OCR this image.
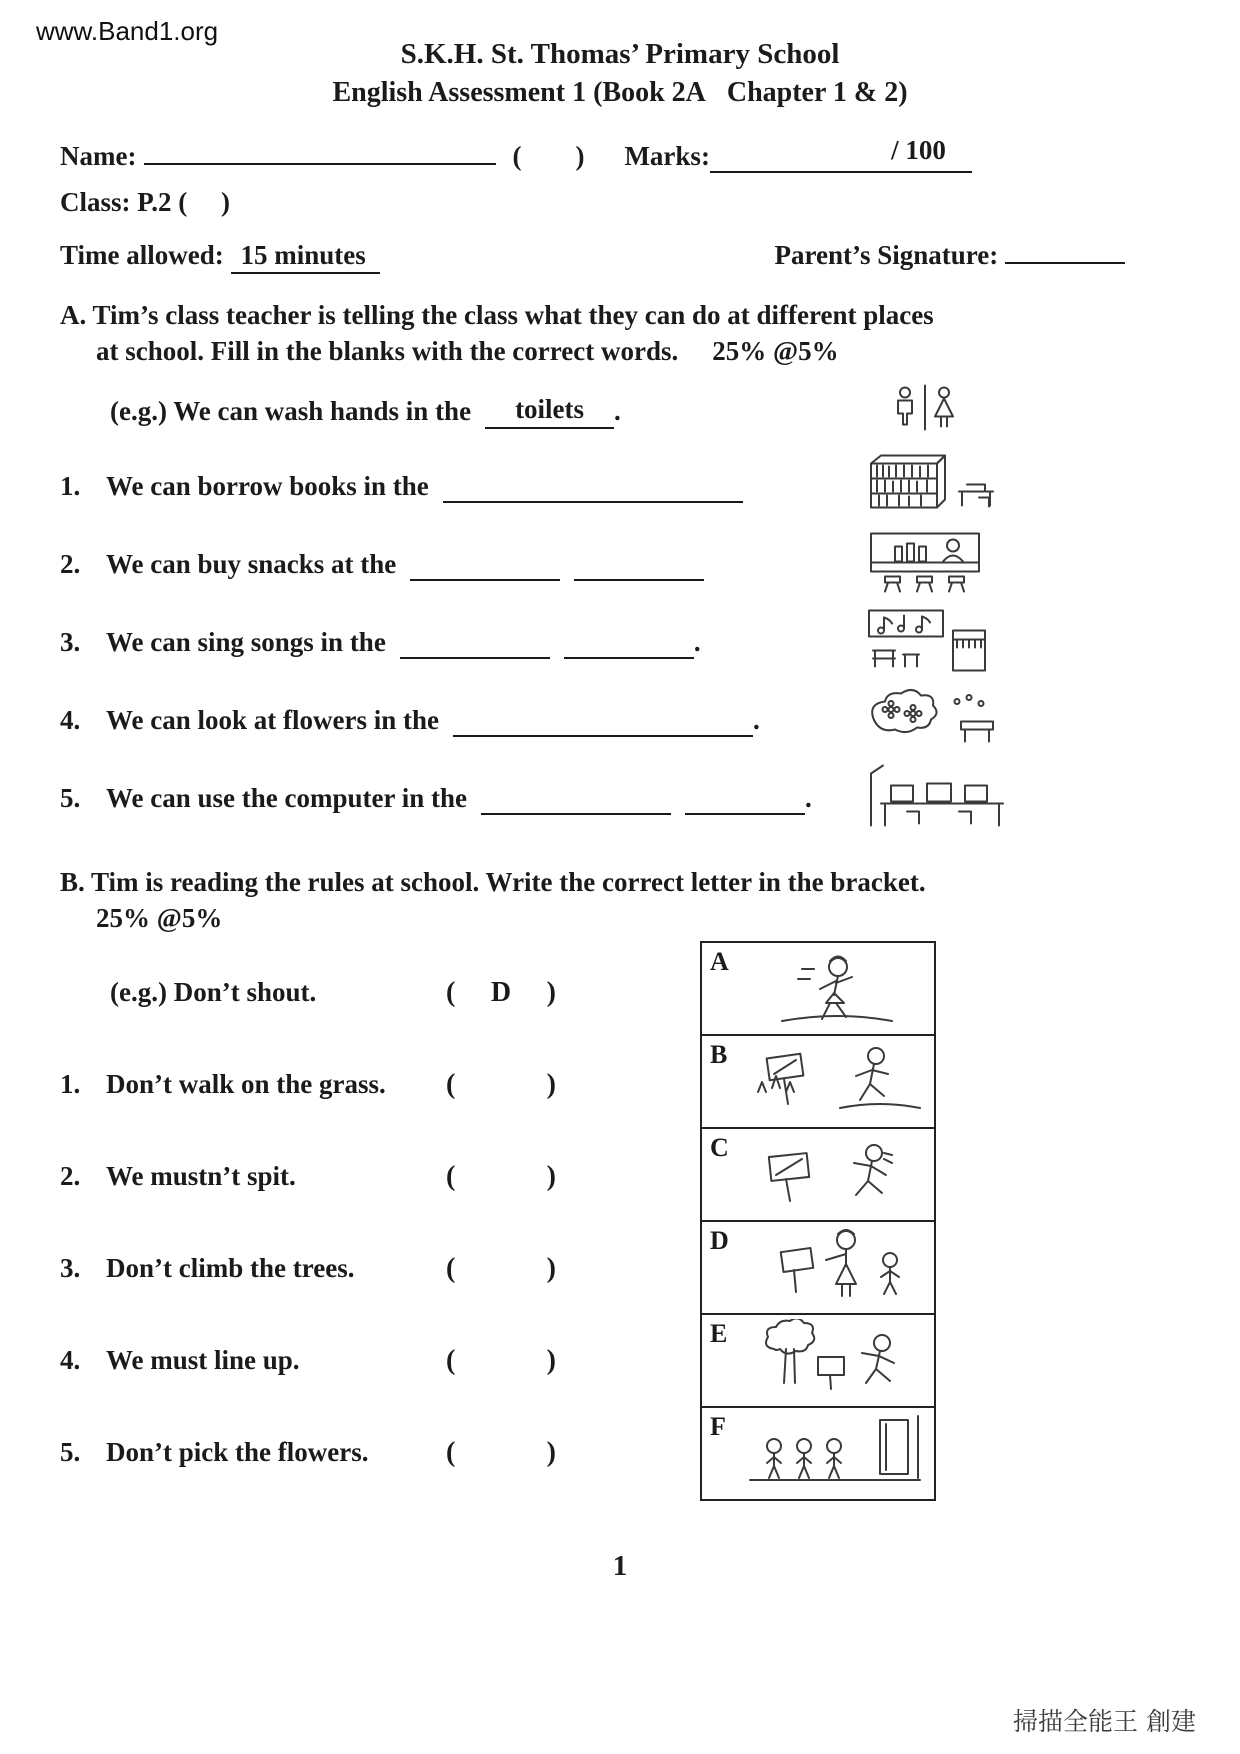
www.Band1.org
S.K.H. St. Thomas’ Primary School
English Assessment 1 (Book 2A   Chapter 1 & 2)
Name:	(        ) Marks:	/ 100
Class: P.2 (     )
Time allowed: 15 minutes	Parent’s Signature:
A. Tim’s class teacher is telling the class what they can do at different places
at school. Fill in the blanks with the correct words. 25% @5%
(e.g.) We can wash hands in the	toilets	.
1. We can borrow books in the
2. We can buy snacks at the
3. We can sing songs in the	.
4. We can look at flowers in the	.
5. We can use the computer in the	.
B. Tim is reading the rules at school. Write the correct letter in the bracket.
25% @5%
(e.g.) Don’t shout.	( D )
1. Don’t walk on the grass.	(	)
2. We mustn’t spit.	(	)
3. Don’t climb the trees.	(	)
4. We must line up.	(	)
5. Don’t pick the flowers.	(	)
A
B
C
D
E
F
1
掃描全能王 創建
